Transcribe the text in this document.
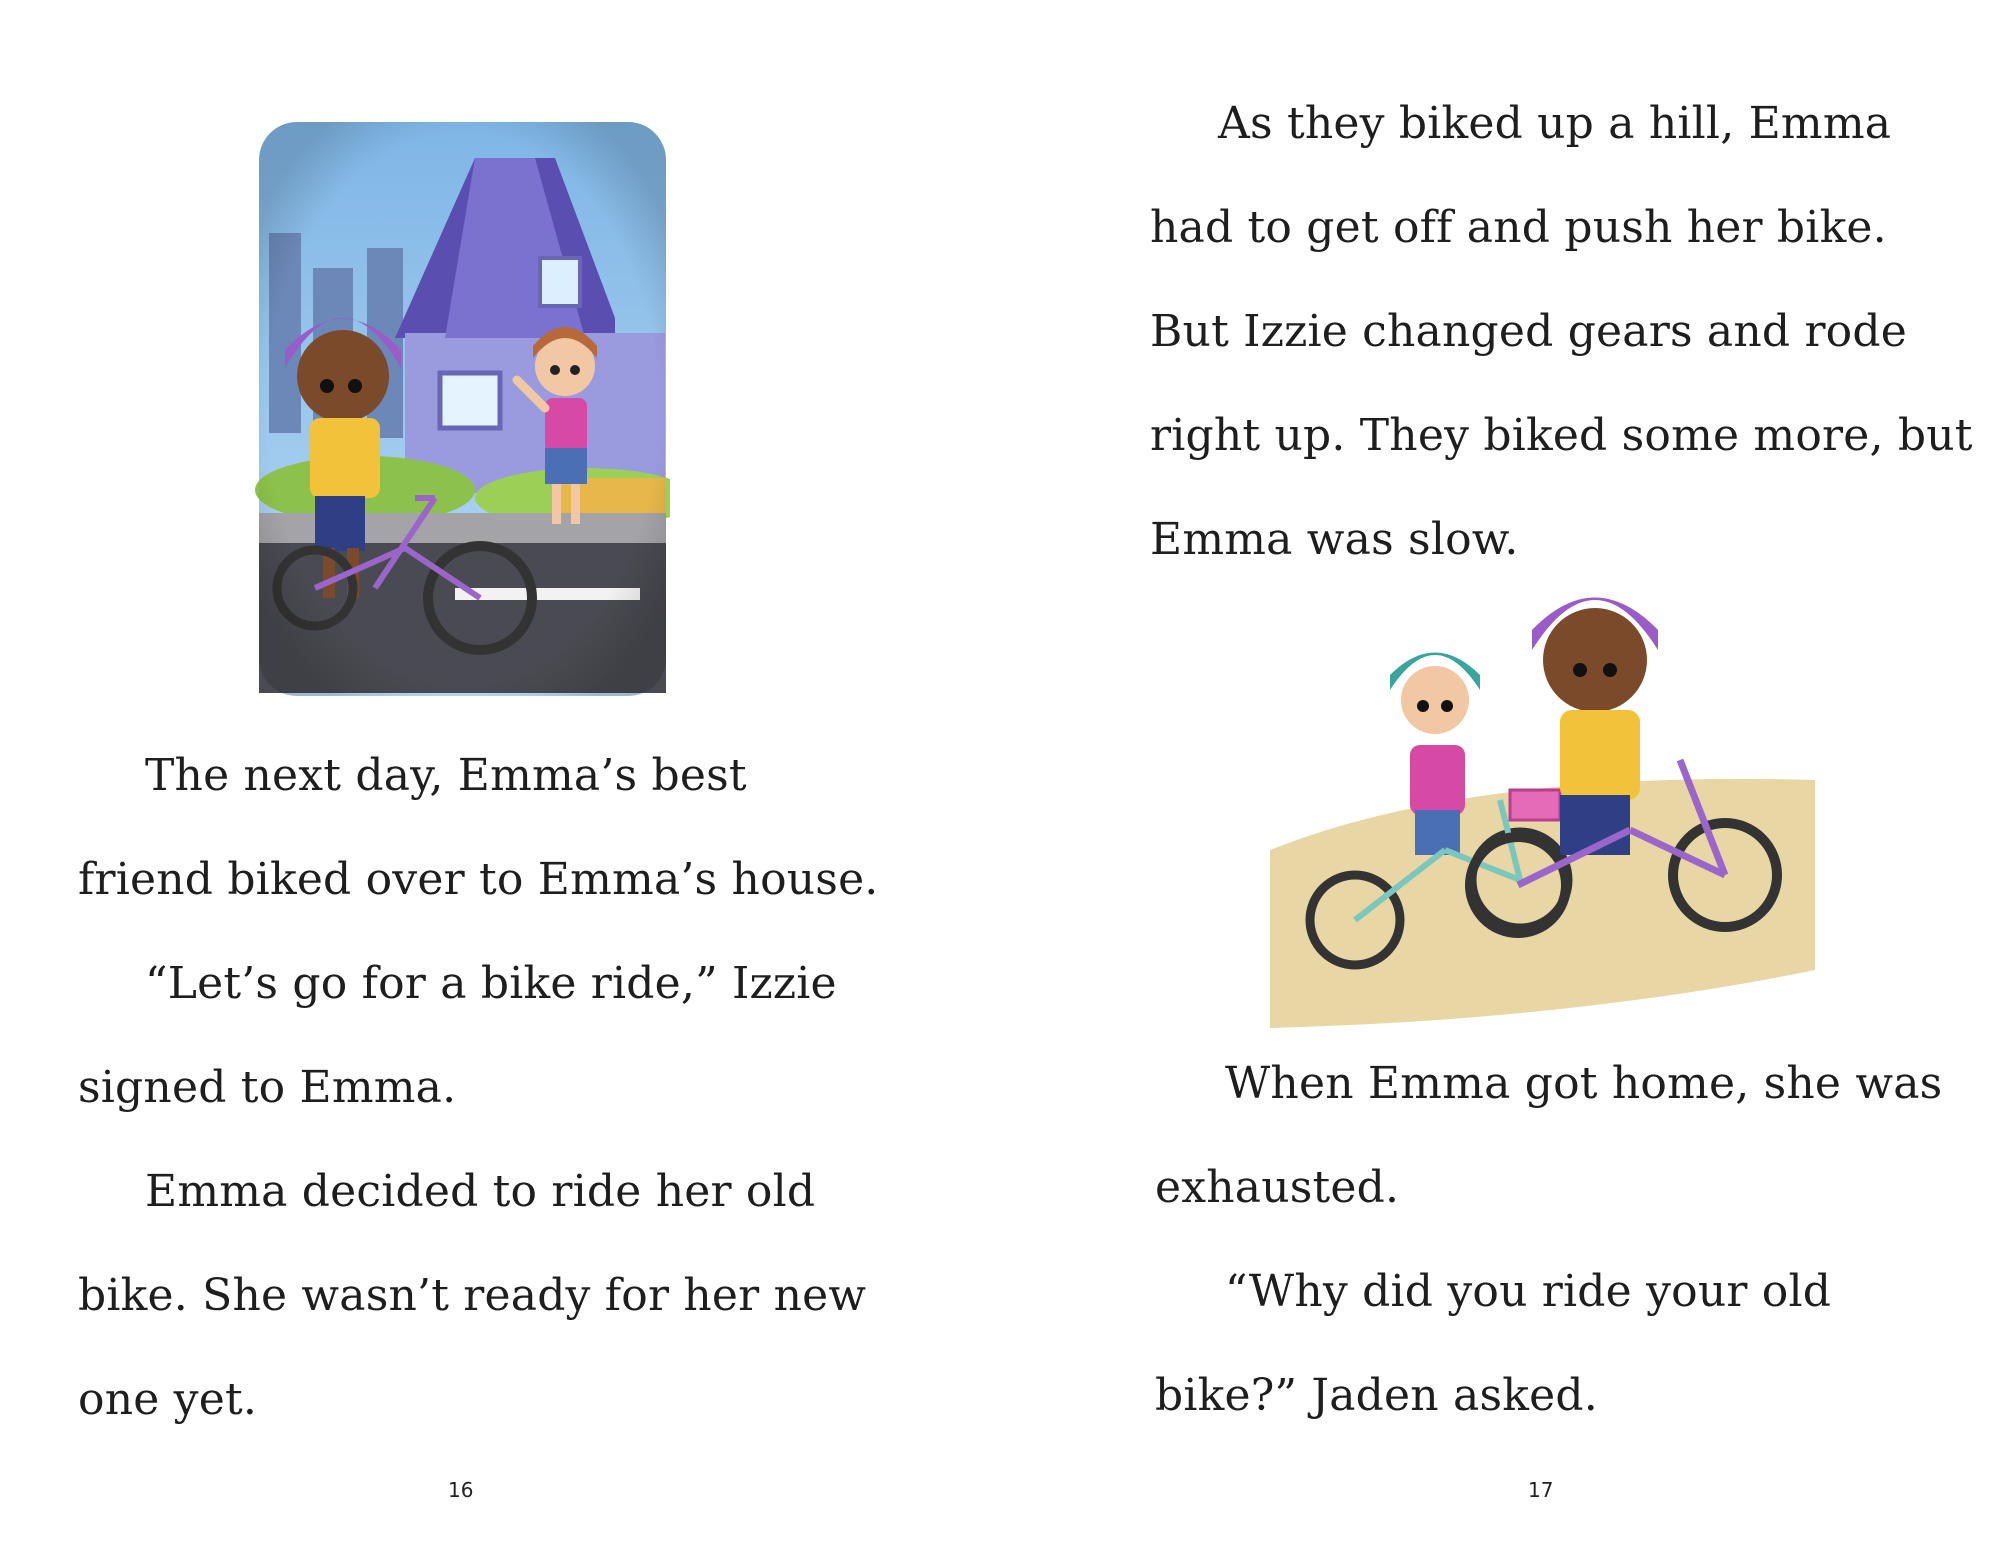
The next day, Emma’s best
friend biked over to Emma’s house.
“Let’s go for a bike ride,” Izzie
signed to Emma.
Emma decided to ride her old
bike. She wasn’t ready for her new
one yet.
16
As they biked up a hill, Emma
had to get off and push her bike.
But Izzie changed gears and rode
right up. They biked some more, but
Emma was slow.
When Emma got home, she was
exhausted.
“Why did you ride your old
bike?” Jaden asked.
17
